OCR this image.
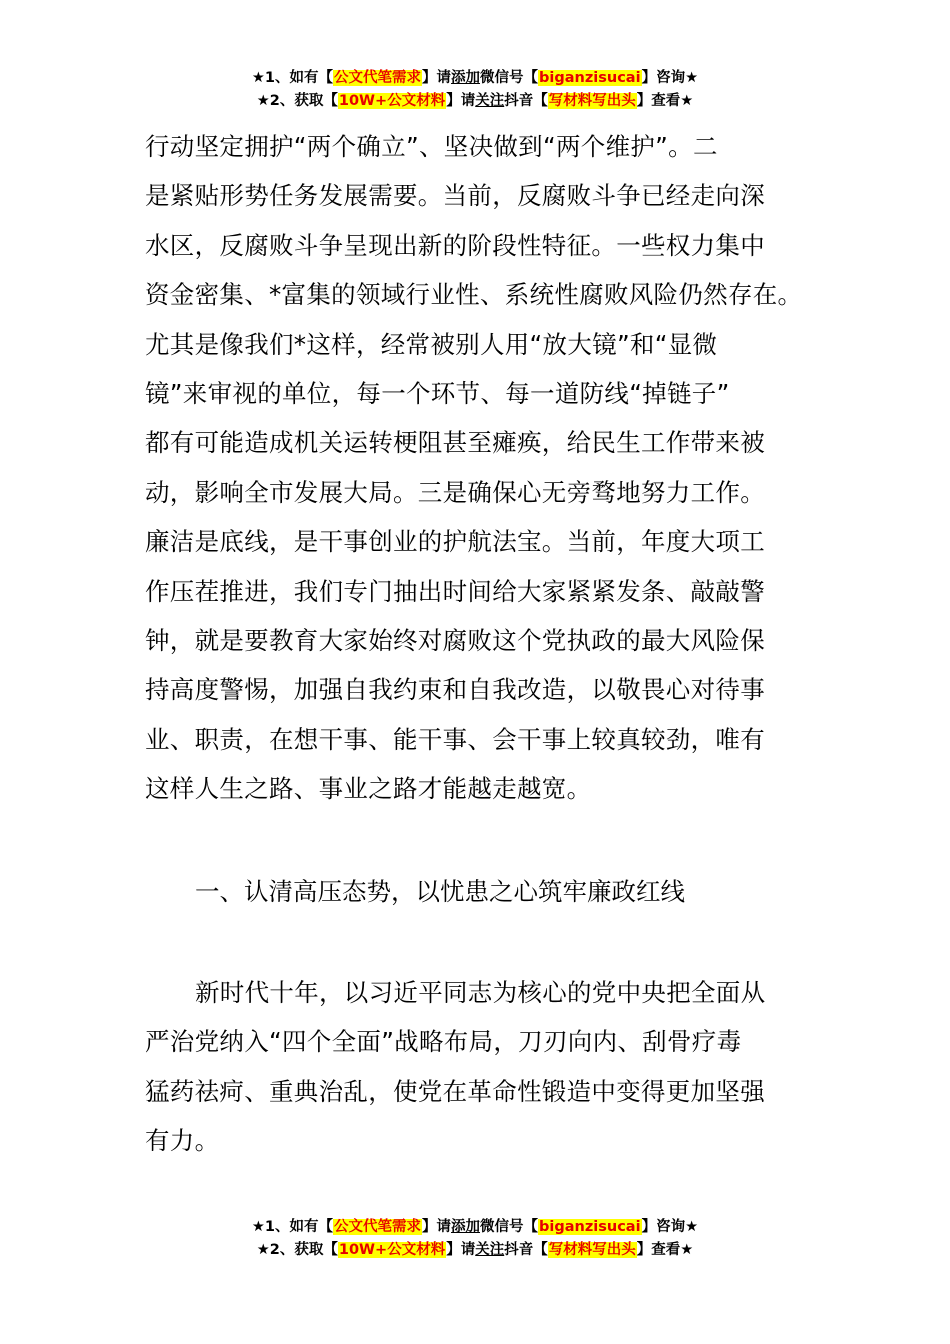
★1、如有【公文代笔需求】请添加微信号【biganzisucai】咨询★
★2、获取【10W+公文材料】请关注抖音【写材料写出头】查看★

行动坚定拥护“两个确立”、坚决做到“两个维护”。二
是紧贴形势任务发展需要。当前，反腐败斗争已经走向深
水区，反腐败斗争呈现出新的阶段性特征。一些权力集中
资金密集、*富集的领域行业性、系统性腐败风险仍然存在。
尤其是像我们*这样，经常被别人用“放大镜”和“显微
镜”来审视的单位，每一个环节、每一道防线“掉链子”
都有可能造成机关运转梗阻甚至瘫痪，给民生工作带来被
动，影响全市发展大局。三是确保心无旁骛地努力工作。
廉洁是底线，是干事创业的护航法宝。当前，年度大项工
作压茬推进，我们专门抽出时间给大家紧紧发条、敲敲警
钟，就是要教育大家始终对腐败这个党执政的最大风险保
持高度警惕，加强自我约束和自我改造，以敬畏心对待事
业、职责，在想干事、能干事、会干事上较真较劲，唯有
这样人生之路、事业之路才能越走越宽。

一、认清高压态势，以忧患之心筑牢廉政红线

新时代十年，以习近平同志为核心的党中央把全面从
严治党纳入“四个全面”战略布局，刀刃向内、刮骨疗毒
猛药祛疴、重典治乱，使党在革命性锻造中变得更加坚强
有力。
★1、如有【公文代笔需求】请添加微信号【biganzisucai】咨询★
★2、获取【10W+公文材料】请关注抖音【写材料写出头】查看★
